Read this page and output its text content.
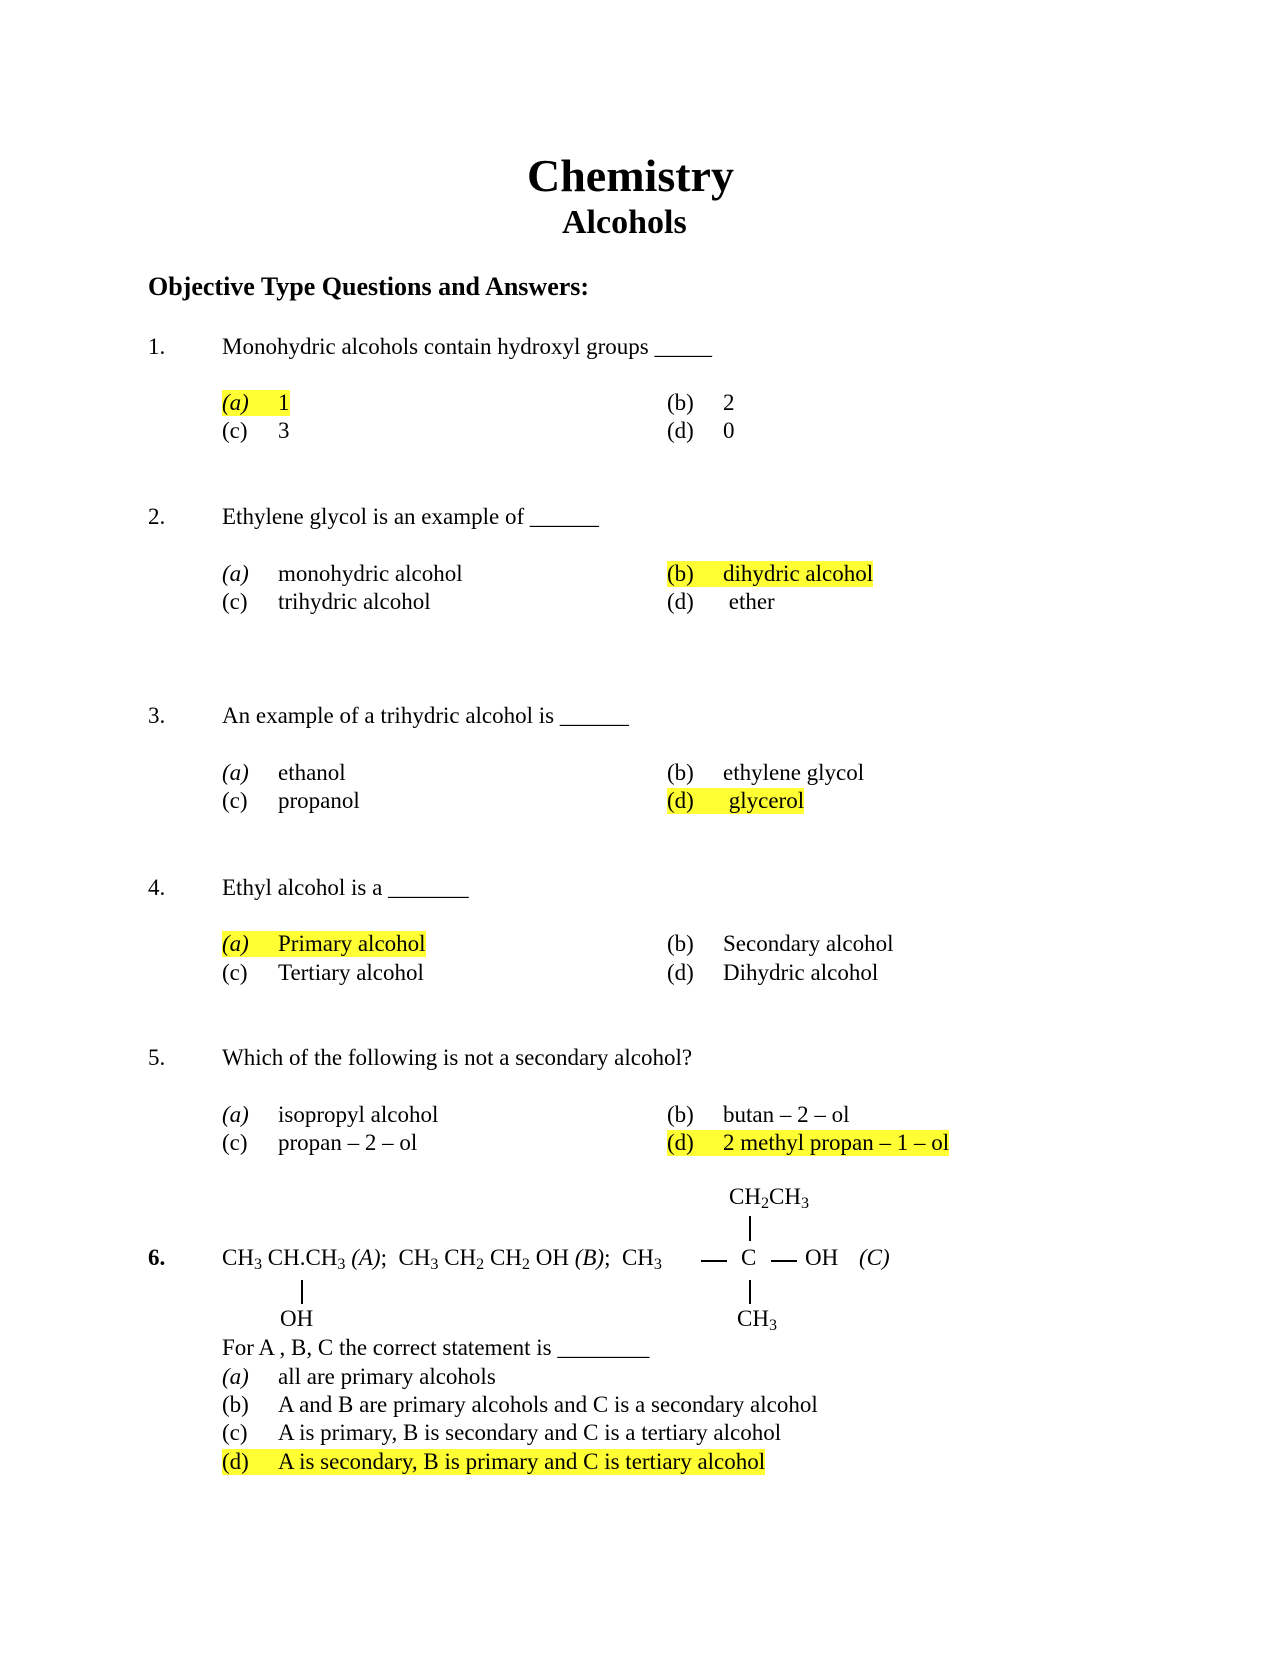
Chemistry
Alcohols
Objective Type Questions and Answers:
1. Monohydric alcohols contain hydroxyl groups _____
(a) 1	(b) 2
(c) 3	(d) 0
2. Ethylene glycol is an example of ______
(a) monohydric alcohol	(b) dihydric alcohol
(c) trihydric alcohol	(d) ether
3. An example of a trihydric alcohol is ______
(a) ethanol	(b) ethylene glycol
(c) propanol	(d) glycerol
4. Ethyl alcohol is a _______
(a) Primary alcohol	(b) Secondary alcohol
(c) Tertiary alcohol	(d) Dihydric alcohol
5. Which of the following is not a secondary alcohol?
(a) isopropyl alcohol	(b) butan – 2 – ol
(c) propan – 2 – ol	(d) 2 methyl propan – 1 – ol
$CH_2CH_3$
6. $CH_3$ $CH.CH_3$ (A); $CH_3$ $CH_2$ $CH_2$ OH (B); $CH_3$	C OH (C)
OH	$CH_3$
For A , B, C the correct statement is ________
(a) all are primary alcohols
(b) A and B are primary alcohols and C is a secondary alcohol
(c) A is primary, B is secondary and C is a tertiary alcohol
(d) A is secondary, B is primary and C is tertiary alcohol
